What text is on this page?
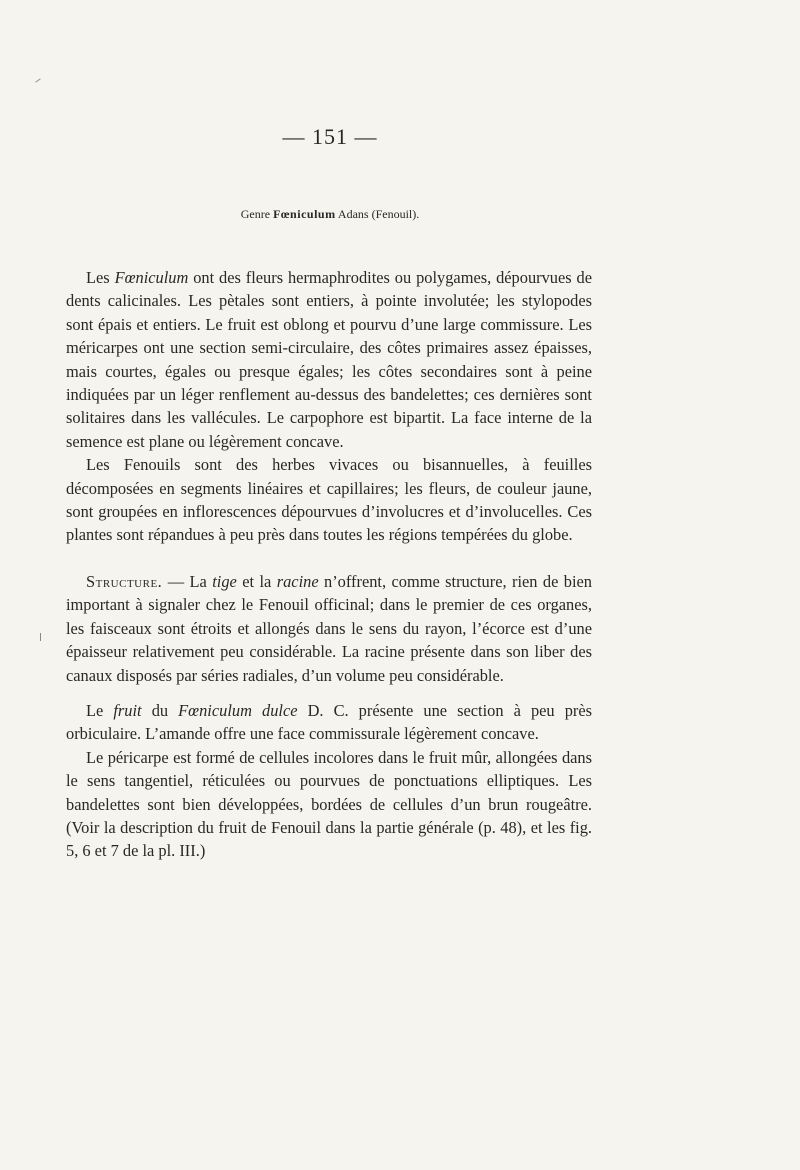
— 151 —
Genre Fœniculum Adans (Fenouil).

Les Fœniculum ont des fleurs hermaphrodites ou polygames, dépourvues de dents calicinales. Les pètales sont entiers, à pointe involutée; les stylopodes sont épais et entiers. Le fruit est oblong et pourvu d’une large commissure. Les méricarpes ont une section semi-circulaire, des côtes primaires assez épaisses, mais courtes, égales ou presque égales; les côtes secondaires sont à peine indiquées par un léger renflement au-dessus des bandelettes; ces dernières sont solitaires dans les vallécules. Le carpophore est bipartit. La face interne de la semence est plane ou légèrement concave.

Les Fenouils sont des herbes vivaces ou bisannuelles, à feuilles décomposées en segments linéaires et capillaires; les fleurs, de couleur jaune, sont groupées en inflorescences dépourvues d’involucres et d’involucelles. Ces plantes sont répandues à peu près dans toutes les régions tempérées du globe.

Structure. — La tige et la racine n’offrent, comme structure, rien de bien important à signaler chez le Fenouil officinal; dans le premier de ces organes, les faisceaux sont étroits et allongés dans le sens du rayon, l’écorce est d’une épaisseur relativement peu considérable. La racine présente dans son liber des canaux disposés par séries radiales, d’un volume peu considérable.

Le fruit du Fœniculum dulce D. C. présente une section à peu près orbiculaire. L’amande offre une face commissurale légèrement concave.

Le péricarpe est formé de cellules incolores dans le fruit mûr, allongées dans le sens tangentiel, réticulées ou pourvues de ponctuations elliptiques. Les bandelettes sont bien développées, bordées de cellules d’un brun rougeâtre. (Voir la description du fruit de Fenouil dans la partie générale (p. 48), et les fig. 5, 6 et 7 de la pl. III.)
